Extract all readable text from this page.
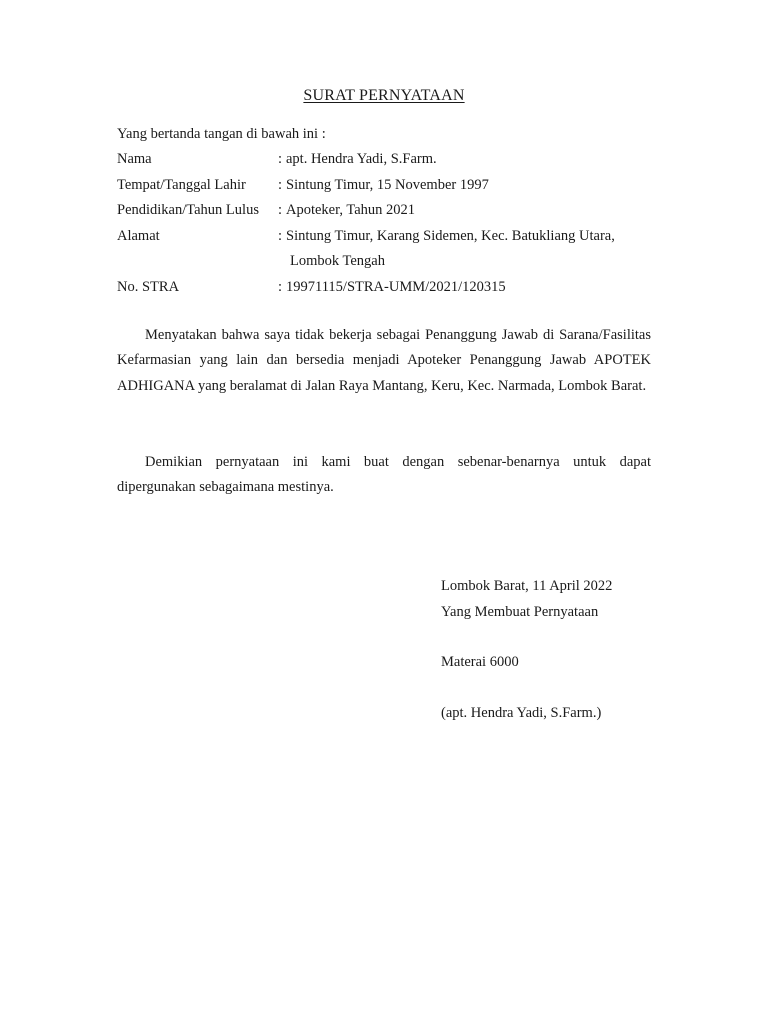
SURAT PERNYATAAN
Yang bertanda tangan di bawah ini :
Nama	: apt. Hendra Yadi, S.Farm.
Tempat/Tanggal Lahir	: Sintung Timur, 15 November 1997
Pendidikan/Tahun Lulus	: Apoteker, Tahun 2021
Alamat	: Sintung Timur, Karang Sidemen, Kec. Batukliang Utara,
Lombok Tengah
No. STRA	: 19971115/STRA-UMM/2021/120315
Menyatakan bahwa saya tidak bekerja sebagai Penanggung Jawab di Sarana/Fasilitas Kefarmasian yang lain dan bersedia menjadi Apoteker Penanggung Jawab APOTEK ADHIGANA yang beralamat di Jalan Raya Mantang, Keru, Kec. Narmada, Lombok Barat.
Demikian pernyataan ini kami buat dengan sebenar-benarnya untuk dapat dipergunakan sebagaimana mestinya.
Lombok Barat, 11 April 2022
Yang Membuat Pernyataan
Materai 6000
(apt. Hendra Yadi, S.Farm.)
